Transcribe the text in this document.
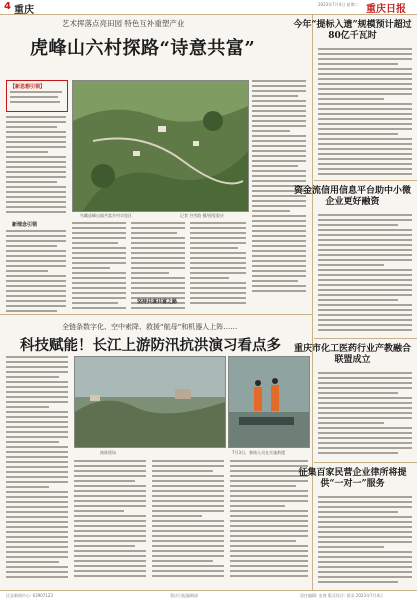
4 重庆
2023年7月4日 星期二 重庆日报
艺术挥落点亮田园 特色互补重塑产业
虎峰山六村探路“诗意共富”
【新思想引领】
新理念引领
鸟瞰虎峰山镇共富乡村实验区	记者 谷雪韵 摄/视觉重庆
坚持共谋共富之路
全链条数字化、空中索降、救援“航母”和机器人上阵……
科技赋能！长江上游防汛抗洪演习看点多
演练现场	7月3日，参演人员在实施救援
今年“提标入遗”规模预计超过80亿千瓦时
资金流信用信息平台助中小微企业更好融资
重庆市化工医药行业产教融合联盟成立
征集百家民营企业律所将提供“一对一”服务
区县新闻中心: 63907123	重庆日报编辑部	责任编辑: 史春 版式设计: 晏羽 2023年7月4日
